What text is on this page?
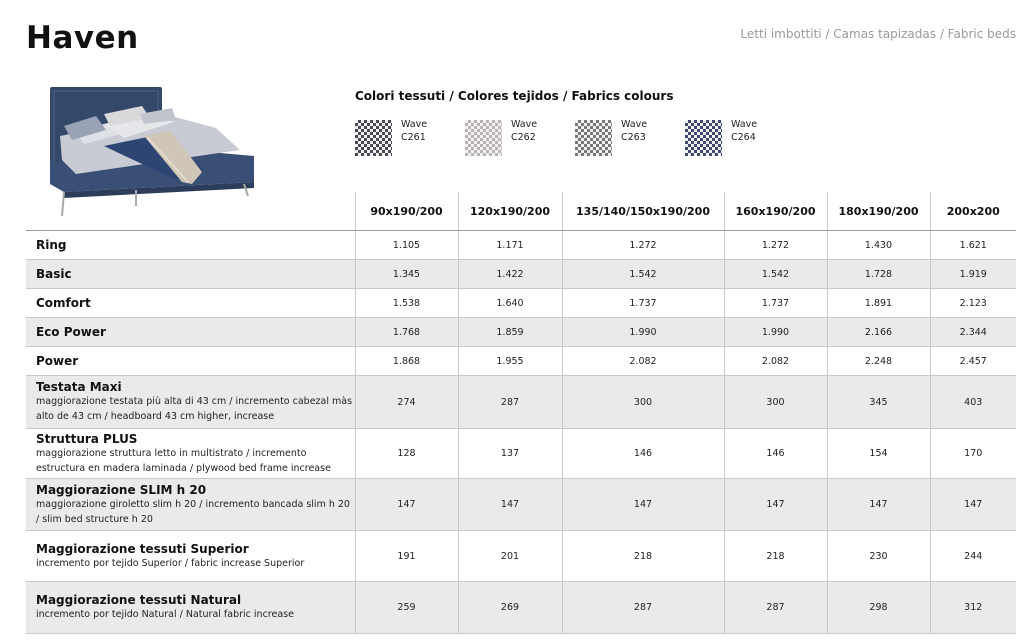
Haven	Letti imbottiti / Camas tapizadas / Fabric beds
Colori tessuti / Colores tejidos / Fabrics colours
Wave
C261
Wave
C262
Wave
C263
Wave
C264
	90x190/200	120x190/200	135/140/150x190/200	160x190/200	180x190/200	200x200

Ring	1.105	1.171	1.272	1.272	1.430	1.621

Basic	1.345	1.422	1.542	1.542	1.728	1.919

Comfort	1.538	1.640	1.737	1.737	1.891	2.123

Eco Power	1.768	1.859	1.990	1.990	2.166	2.344

Power	1.868	1.955	2.082	2.082	2.248	2.457

Testata Maxi
maggiorazione testata più alta di 43 cm / incremento cabezal màs alto de 43 cm / headboard 43 cm higher, increase	274	287	300	300	345	403

Struttura PLUS
maggiorazione struttura letto in multistrato / incremento estructura en madera laminada / plywood bed frame increase	128	137	146	146	154	170

Maggiorazione SLIM h 20
maggiorazione giroletto slim h 20 / incremento bancada slim h 20 / slim bed structure h 20	147	147	147	147	147	147

Maggiorazione tessuti Superior
incremento por tejido Superior / fabric increase Superior	191	201	218	218	230	244

Maggiorazione tessuti Natural
incremento por tejido Natural / Natural fabric increase	259	269	287	287	298	312
